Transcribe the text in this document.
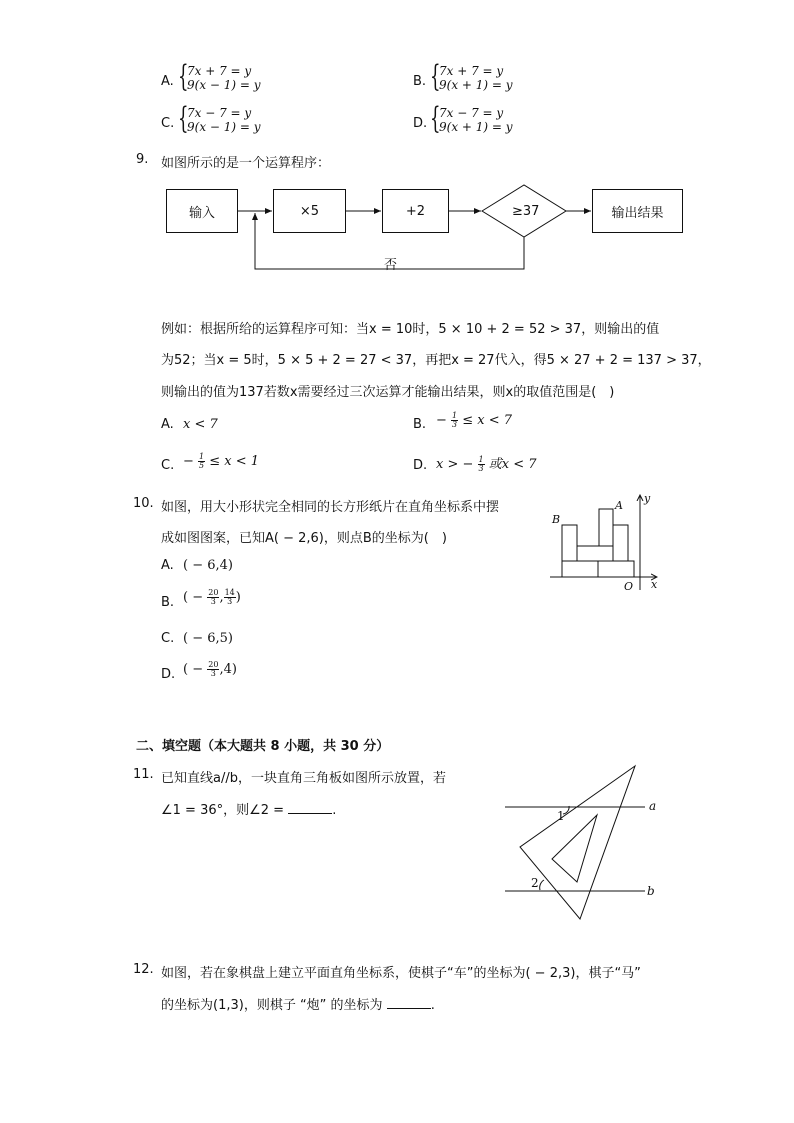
A. {
7x + 7 = y
9(x − 1) = y	B. {
7x + 7 = y
9(x + 1) = y
C. {
7x − 7 = y
9(x − 1) = y	D. {
7x − 7 = y
9(x + 1) = y
9. 如图所示的是一个运算程序：
输入	×5	+2	≥37	输出结果
否
例如：根据所给的运算程序可知：当x = 10时，5 × 10 + 2 = 52 > 37，则输出的值
为52；当x = 5时，5 × 5 + 2 = 27 < 37，再把x = 27代入，得5 × 27 + 2 = 137 > 37，
则输出的值为137若数x需要经过三次运算才能输出结果，则x的取值范围是(　)
A. x < 7	B. − $\frac{1}{3} \le x < 7$
C. − $\frac{1}{5} \le x < 1$	D. x > − $\frac{1}{3}$ 或x < 7
10. 如图，用大小形状完全相同的长方形纸片在直角坐标系中摆
成如图图案，已知A( − 2,6)，则点B的坐标为(　)
A. ( − 6,4)
B. ( − $\frac{20}{3}$ , $\frac{14}{3}$ )
C. ( − 6,5)
D. ( − $\frac{20}{3} ,4$)
B
A
y
O x
二、填空题（本大题共 8 小题，共 30 分）
11. 已知直线a//b，一块直角三角板如图所示放置，若
∠1 = 36°，则∠2 =	.	a
b
1
2
12. 如图，若在象棋盘上建立平面直角坐标系，使棋子“车”的坐标为( − 2,3)，棋子“马”
的坐标为(1,3)，则棋子 “炮” 的坐标为	.
